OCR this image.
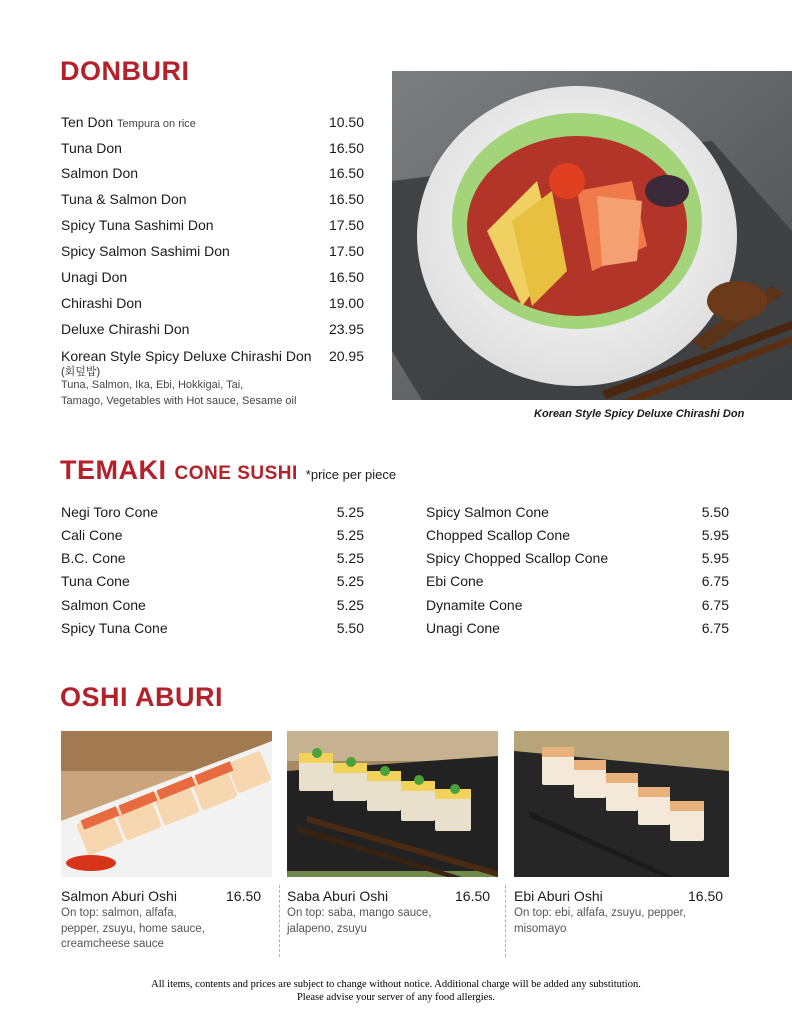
DONBURI
Ten Don Tempura on rice	10.50
Tuna Don	16.50
Salmon Don	16.50
Tuna & Salmon Don	16.50
Spicy Tuna Sashimi Don	17.50
Spicy Salmon Sashimi Don	17.50
Unagi Don	16.50
Chirashi Don	19.00
Deluxe Chirashi Don	23.95
Korean Style Spicy Deluxe Chirashi Don 20.95
(회덮밥)
Tuna, Salmon, Ika, Ebi, Hokkigai, Tai,
Tamago, Vegetables with Hot sauce, Sesame oil
Korean Style Spicy Deluxe Chirashi Don
TEMAKI CONE SUSHI *price per piece
Negi Toro Cone	5.25
Cali Cone	5.25
B.C. Cone	5.25
Tuna Cone	5.25
Salmon Cone	5.25
Spicy Tuna Cone	5.50
Spicy Salmon Cone	5.50
Chopped Scallop Cone	5.95
Spicy Chopped Scallop Cone	5.95
Ebi Cone	6.75
Dynamite Cone	6.75
Unagi Cone	6.75
OSHI ABURI
Salmon Aburi Oshi	16.50
On top: salmon, alfafa,
pepper, zsuyu, home sauce,
creamcheese sauce
Saba Aburi Oshi	16.50
On top: saba, mango sauce,
jalapeno, zsuyu
Ebi Aburi Oshi	16.50
On top: ebi, alfafa, zsuyu, pepper,
misomayo
All items, contents and prices are subject to change without notice. Additional charge will be added any substitution.
Please advise your server of any food allergies.
